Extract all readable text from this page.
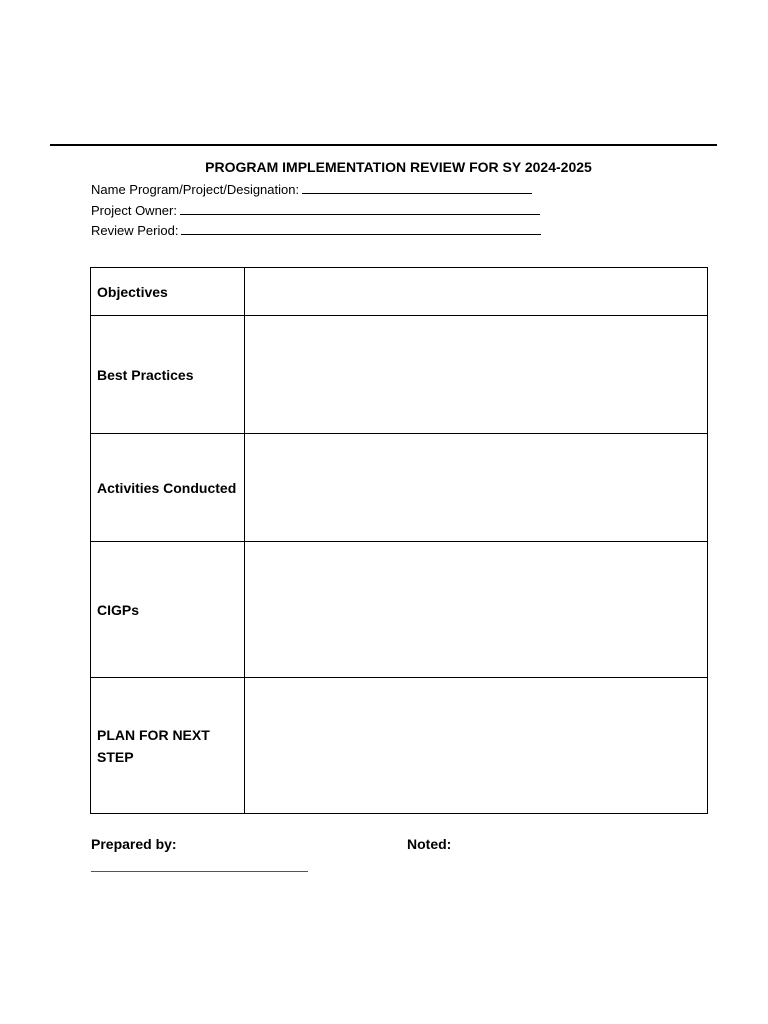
PROGRAM IMPLEMENTATION REVIEW FOR SY 2024-2025
Name Program/Project/Designation:
Project Owner:
Review Period:
Objectives	
Best Practices	
Activities Conducted	
CIGPs	
PLAN FOR NEXT STEP	
Prepared by:	Noted:
